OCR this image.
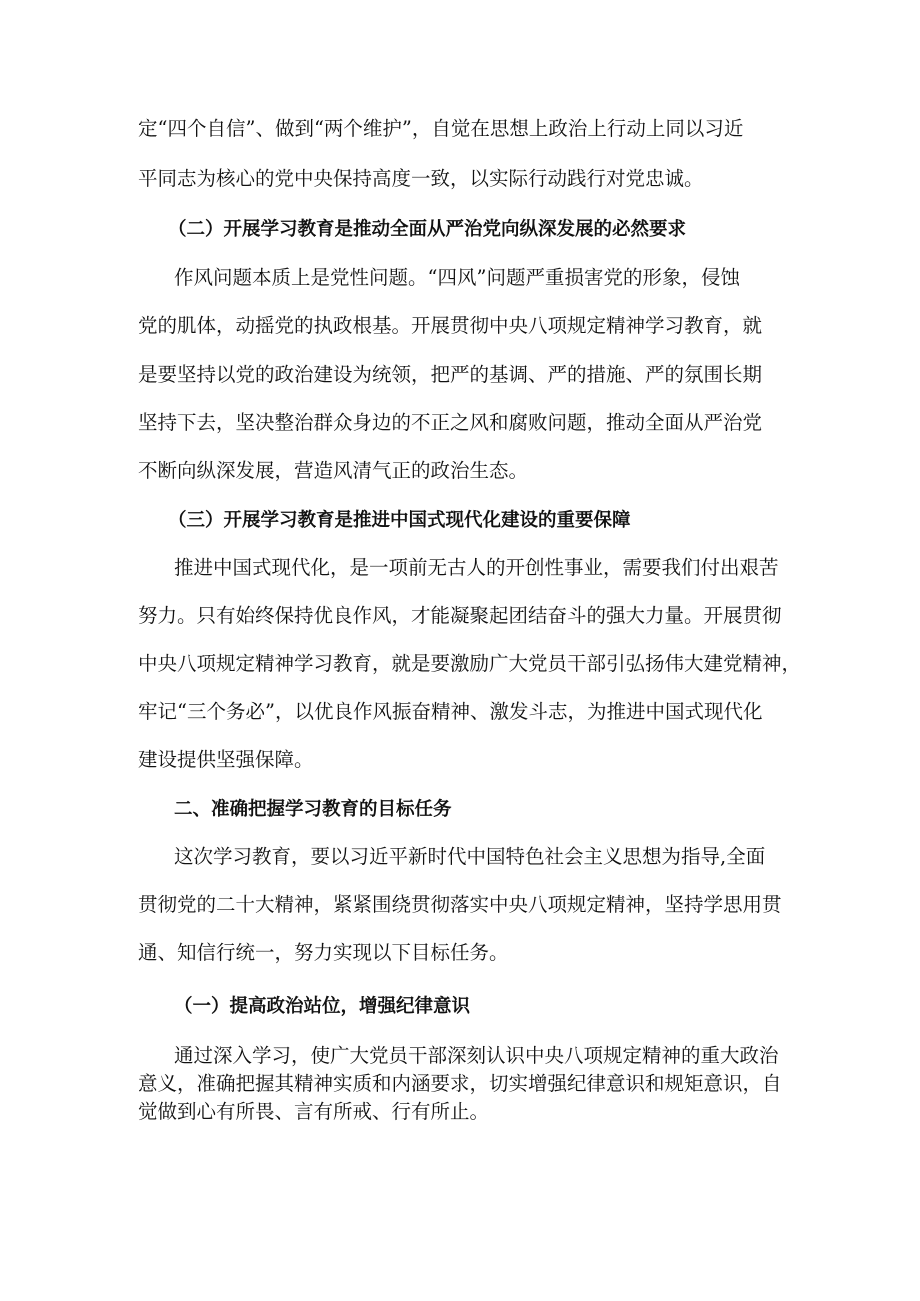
定“四个自信”、做到“两个维护”，自觉在思想上政治上行动上同以习近
平同志为核心的党中央保持高度一致，以实际行动践行对党忠诚。
（二）开展学习教育是推动全面从严治党向纵深发展的必然要求
作风问题本质上是党性问题。“四风”问题严重损害党的形象，侵蚀
党的肌体，动摇党的执政根基。开展贯彻中央八项规定精神学习教育，就
是要坚持以党的政治建设为统领，把严的基调、严的措施、严的氛围长期
坚持下去，坚决整治群众身边的不正之风和腐败问题，推动全面从严治党
不断向纵深发展，营造风清气正的政治生态。
（三）开展学习教育是推进中国式现代化建设的重要保障
推进中国式现代化，是一项前无古人的开创性事业，需要我们付出艰苦
努力。只有始终保持优良作风，才能凝聚起团结奋斗的强大力量。开展贯彻
中央八项规定精神学习教育，就是要激励广大党员干部引弘扬伟大建党精神，
牢记“三个务必”，以优良作风振奋精神、激发斗志，为推进中国式现代化
建设提供坚强保障。
二、准确把握学习教育的目标任务
这次学习教育，要以习近平新时代中国特色社会主义思想为指导,全面
贯彻党的二十大精神，紧紧围绕贯彻落实中央八项规定精神，坚持学思用贯
通、知信行统一，努力实现以下目标任务。
（一）提高政治站位，增强纪律意识
通过深入学习，使广大党员干部深刻认识中央八项规定精神的重大政治
意义，准确把握其精神实质和内涵要求，切实增强纪律意识和规矩意识，自
觉做到心有所畏、言有所戒、行有所止。
